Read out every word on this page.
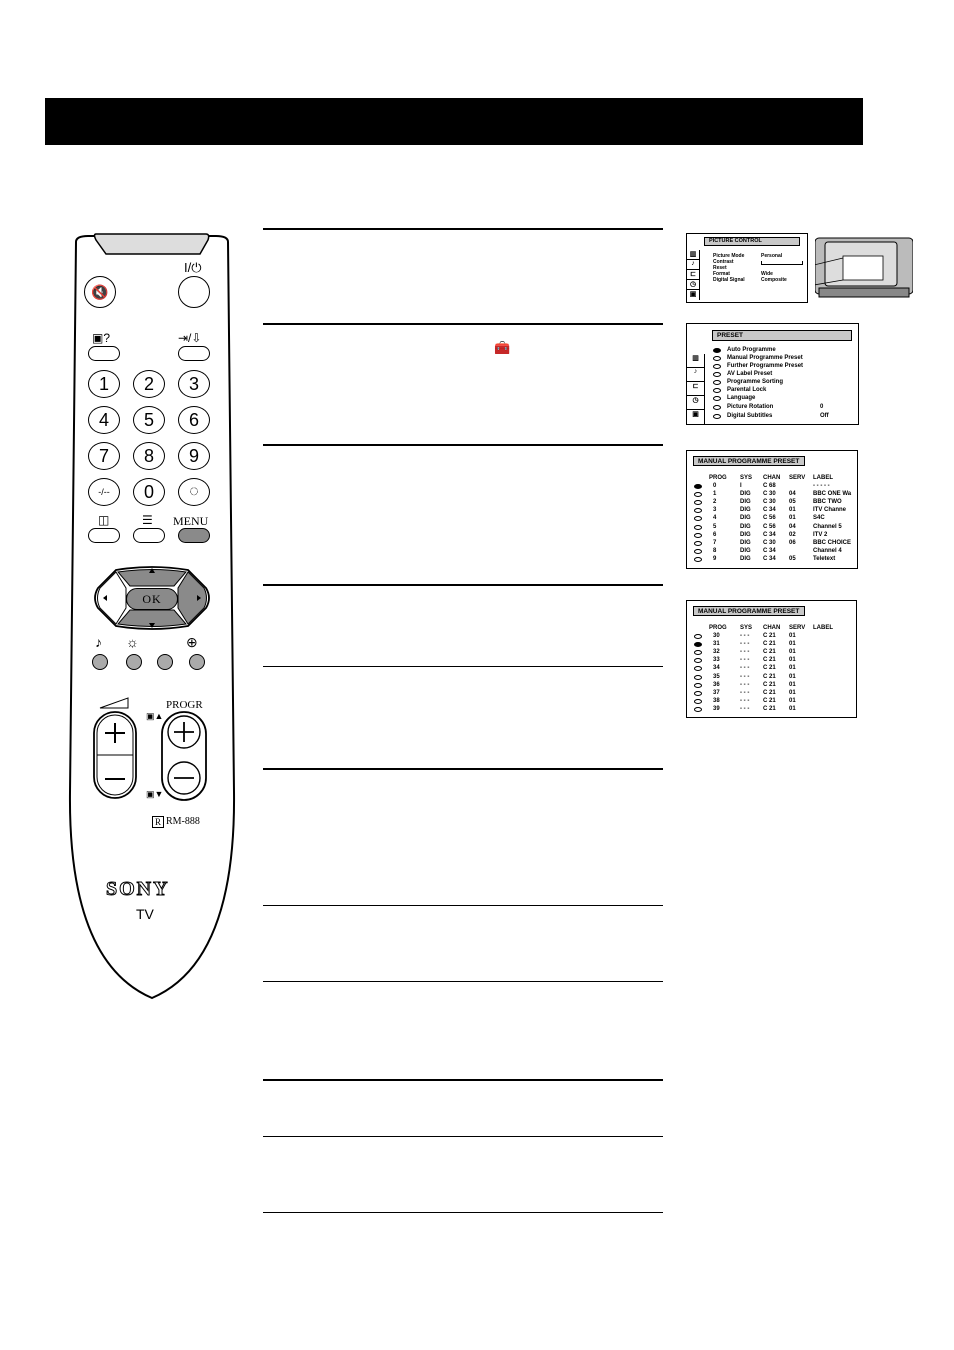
🔇
I/⏻
▣?	⇥/⇩
1	2	3
4	5	6
7	8	9
-/--	0	◌
◫	☰ MENU
OK
♪ ☼	⊕
PROGR
▣▲
▣▼
R RM-888
SONY
TV
🧰
▥
♪
⊏
◷
▣
PICTURE CONTROL
Picture Mode	Personal
Contrast
Reset
Format	Wide
Digital Signal	Composite
▥
♪
⊏
◷
▣
PRESET
Auto Programme
Manual Programme Preset
Further Programme Preset
AV Label Preset
Programme Sorting
Parental Lock
Language
Picture Rotation	0
Digital Subtitles	Off
MANUAL PROGRAMME PRESET
PROG SYS CHAN SERV LABEL
0	I	C 68	- - - - -
1	DIG C 30 04	BBC ONE Wa
2	DIG C 30 05	BBC TWO
3	DIG C 34 01	ITV Channe
4	DIG C 56 01	S4C
5	DIG C 56 04	Channel 5
6	DIG C 34 02	ITV 2
7	DIG C 30 06	BBC CHOICE
8	DIG C 34	Channel 4
9	DIG C 34 05	Teletext
MANUAL PROGRAMME PRESET
PROG SYS CHAN SERV LABEL
30	- - - C 21 01
31	- - - C 21 01
32	- - - C 21 01
33	- - - C 21 01
34	- - - C 21 01
35	- - - C 21 01
36	- - - C 21 01
37	- - - C 21 01
38	- - - C 21 01
39	- - - C 21 01
